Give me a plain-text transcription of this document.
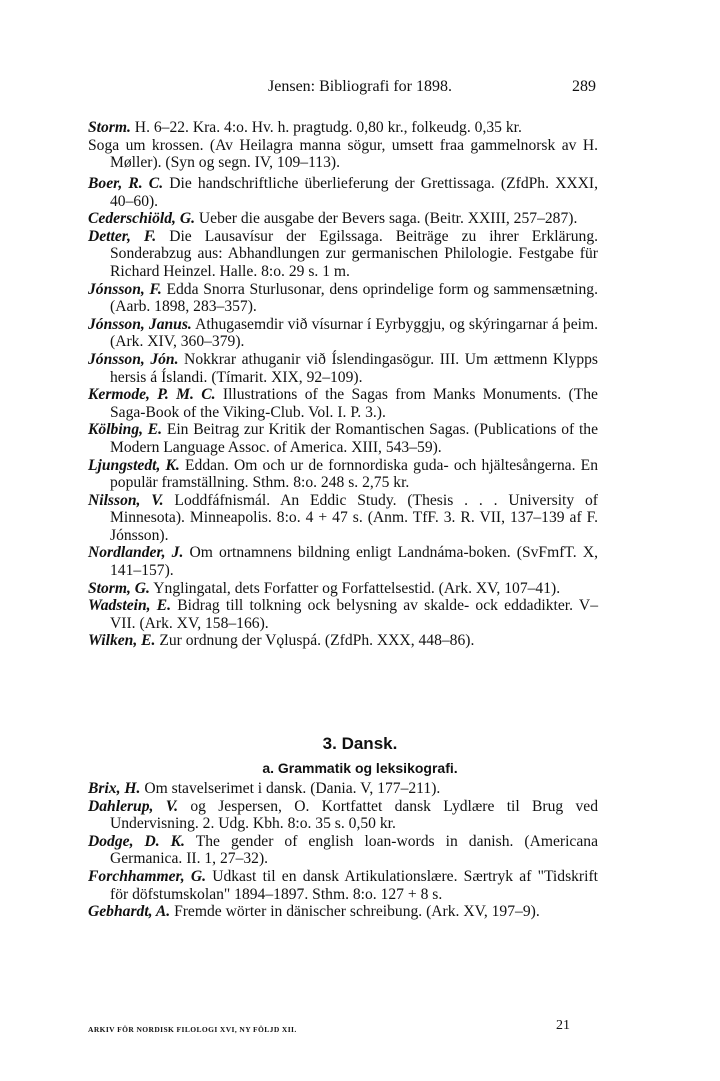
Jensen: Bibliografi for 1898.	289

Storm. H. 6–22. Kra. 4:o. Hv. h. pragtudg. 0,80 kr., folkeudg. 0,35 kr.

Soga um krossen. (Av Heilagra manna sögur, umsett fraa gammelnorsk av H. Møller). (Syn og segn. IV, 109–113).

Boer, R. C. Die handschriftliche überlieferung der Grettissaga. (ZfdPh. XXXI, 40–60).

Cederschiöld, G. Ueber die ausgabe der Bevers saga. (Beitr. XXIII, 257–287).

Detter, F. Die Lausavísur der Egilssaga. Beiträge zu ihrer Erklärung. Sonderabzug aus: Abhandlungen zur germanischen Philologie. Festgabe für Richard Heinzel. Halle. 8:o. 29 s. 1 m.

Jónsson, F. Edda Snorra Sturlusonar, dens oprindelige form og sammensætning. (Aarb. 1898, 283–357).

Jónsson, Janus. Athugasemdir við vísurnar í Eyrbyggju, og skýringarnar á þeim. (Ark. XIV, 360–379).

Jónsson, Jón. Nokkrar athuganir við Íslendingasögur. III. Um ættmenn Klypps hersis á Íslandi. (Tímarit. XIX, 92–109).

Kermode, P. M. C. Illustrations of the Sagas from Manks Monuments. (The Saga-Book of the Viking-Club. Vol. I. P. 3.).

Kölbing, E. Ein Beitrag zur Kritik der Romantischen Sagas. (Publications of the Modern Language Assoc. of America. XIII, 543–59).

Ljungstedt, K. Eddan. Om och ur de fornnordiska guda- och hjältesångerna. En populär framställning. Sthm. 8:o. 248 s. 2,75 kr.

Nilsson, V. Loddfáfnismál. An Eddic Study. (Thesis . . . University of Minnesota). Minneapolis. 8:o. 4 + 47 s. (Anm. TfF. 3. R. VII, 137–139 af F. Jónsson).

Nordlander, J. Om ortnamnens bildning enligt Landnáma-boken. (SvFmfT. X, 141–157).

Storm, G. Ynglingatal, dets Forfatter og Forfattelsestid. (Ark. XV, 107–41).

Wadstein, E. Bidrag till tolkning ock belysning av skalde- ock eddadikter. V–VII. (Ark. XV, 158–166).

Wilken, E. Zur ordnung der Vǫluspá. (ZfdPh. XXX, 448–86).

3. Dansk.
a. Grammatik og leksikografi.

Brix, H. Om stavelserimet i dansk. (Dania. V, 177–211).

Dahlerup, V. og Jespersen, O. Kortfattet dansk Lydlære til Brug ved Undervisning. 2. Udg. Kbh. 8:o. 35 s. 0,50 kr.

Dodge, D. K. The gender of english loan-words in danish. (Americana Germanica. II. 1, 27–32).

Forchhammer, G. Udkast til en dansk Artikulationslære. Særtryk af "Tidskrift för döfstumskolan" 1894–1897. Sthm. 8:o. 127 + 8 s.

Gebhardt, A. Fremde wörter in dänischer schreibung. (Ark. XV, 197–9).

ARKIV FÖR NORDISK FILOLOGI XVI, NY FÖLJD XII.	21
